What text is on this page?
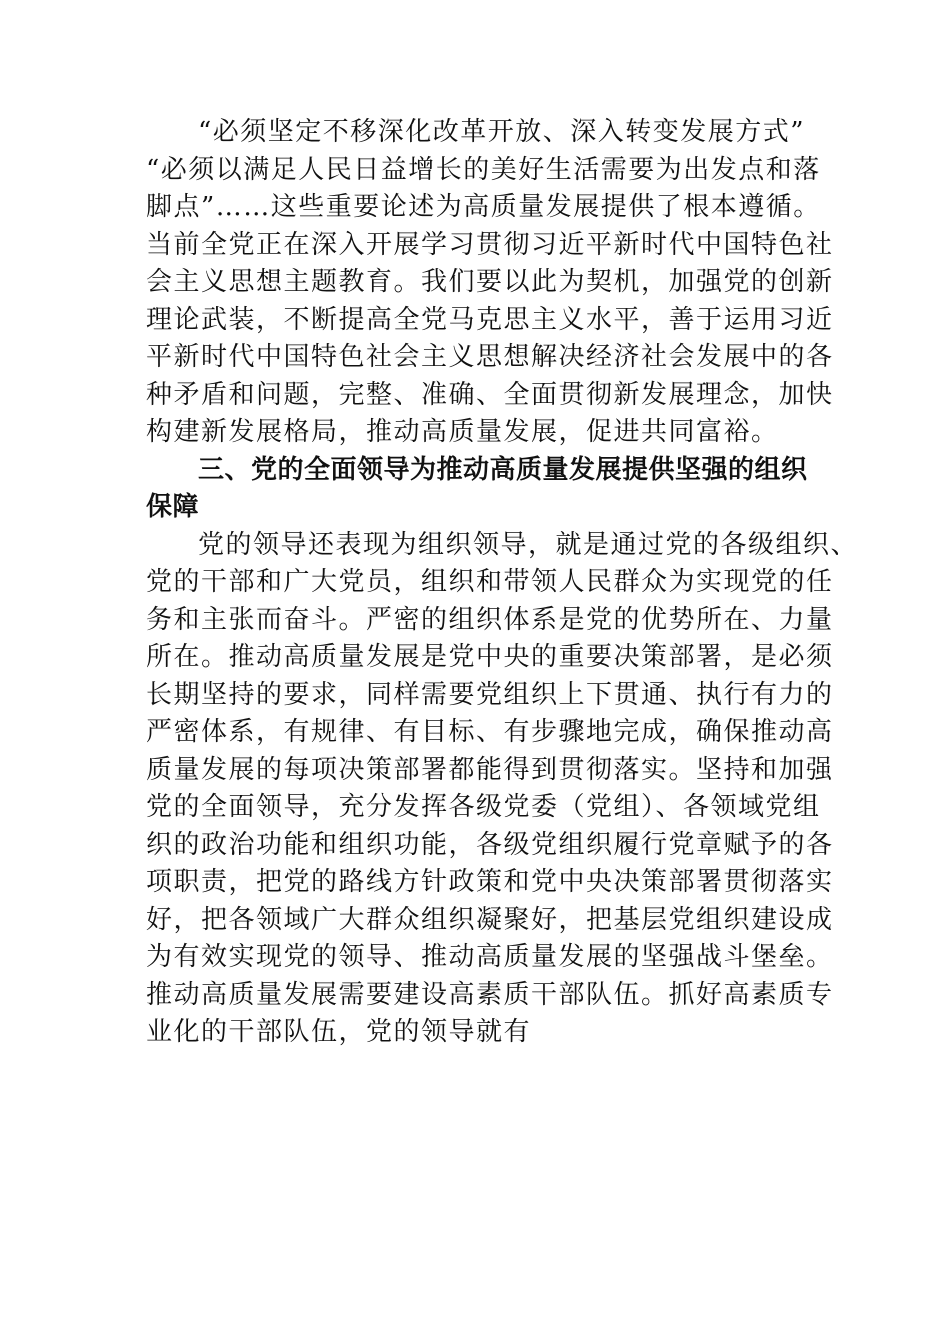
“必须坚定不移深化改革开放、深入转变发展方式”
“必须以满足人民日益增长的美好生活需要为出发点和落
脚点”……这些重要论述为高质量发展提供了根本遵循。
当前全党正在深入开展学习贯彻习近平新时代中国特色社
会主义思想主题教育。我们要以此为契机，加强党的创新
理论武装，不断提高全党马克思主义水平，善于运用习近
平新时代中国特色社会主义思想解决经济社会发展中的各
种矛盾和问题，完整、准确、全面贯彻新发展理念，加快
构建新发展格局，推动高质量发展，促进共同富裕。
三、党的全面领导为推动高质量发展提供坚强的组织
保障
党的领导还表现为组织领导，就是通过党的各级组织、
党的干部和广大党员，组织和带领人民群众为实现党的任
务和主张而奋斗。严密的组织体系是党的优势所在、力量
所在。推动高质量发展是党中央的重要决策部署，是必须
长期坚持的要求，同样需要党组织上下贯通、执行有力的
严密体系，有规律、有目标、有步骤地完成，确保推动高
质量发展的每项决策部署都能得到贯彻落实。坚持和加强
党的全面领导，充分发挥各级党委（党组）、各领域党组
织的政治功能和组织功能，各级党组织履行党章赋予的各
项职责，把党的路线方针政策和党中央决策部署贯彻落实
好，把各领域广大群众组织凝聚好，把基层党组织建设成
为有效实现党的领导、推动高质量发展的坚强战斗堡垒。
推动高质量发展需要建设高素质干部队伍。抓好高素质专
业化的干部队伍，党的领导就有
